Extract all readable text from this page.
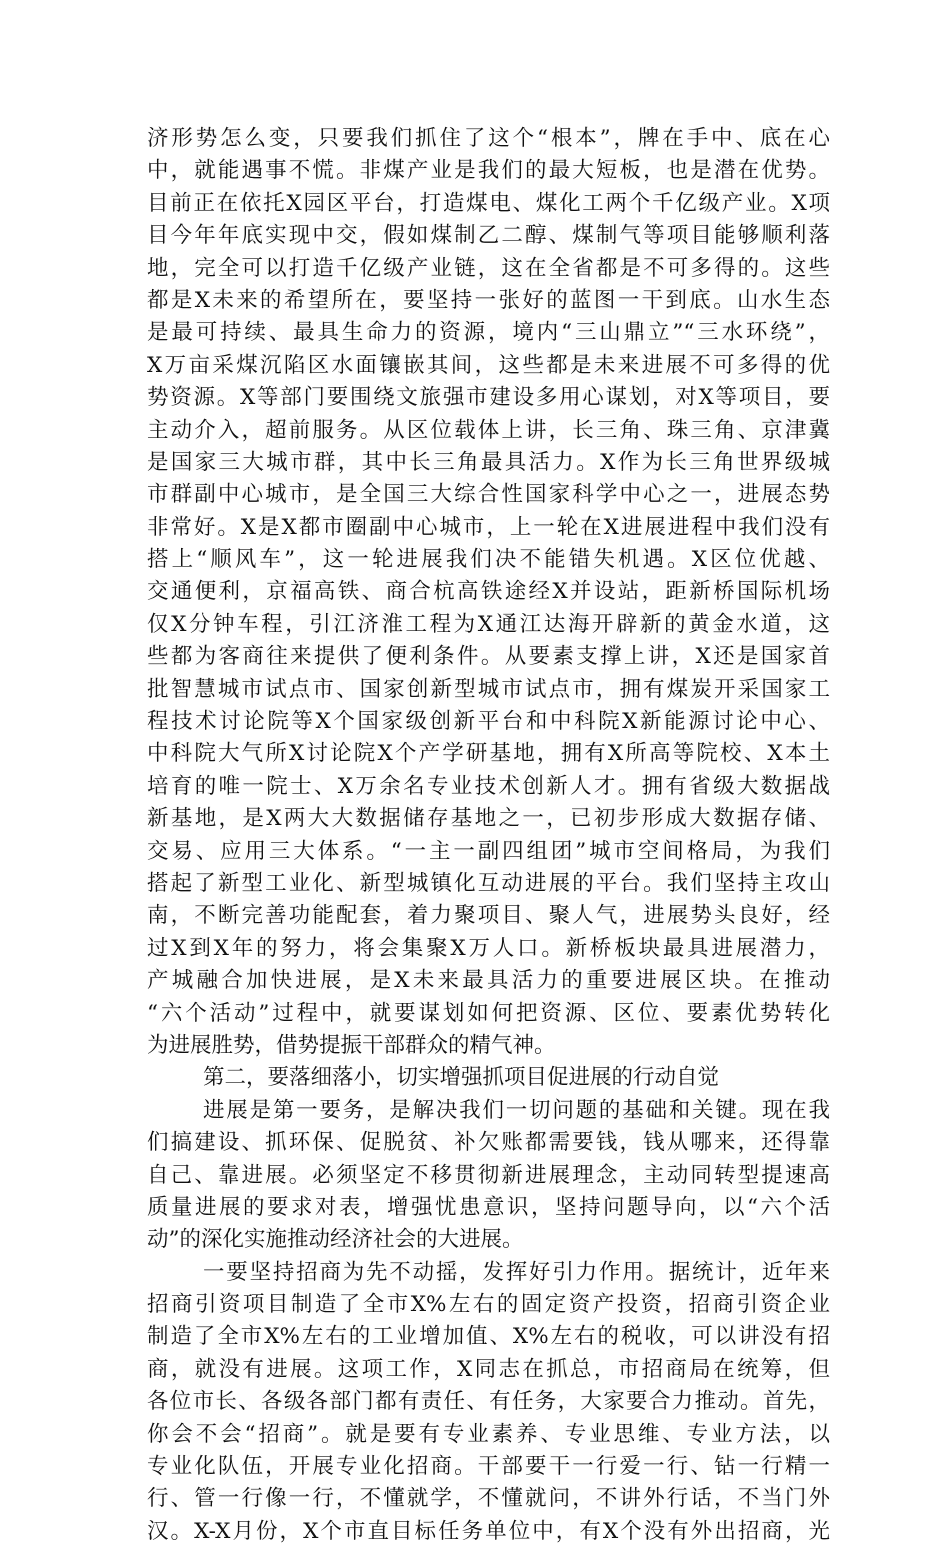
济形势怎么变，只要我们抓住了这个“根本”，牌在手中、底在心
中，就能遇事不慌。非煤产业是我们的最大短板，也是潜在优势。
目前正在依托X园区平台，打造煤电、煤化工两个千亿级产业。X项
目今年年底实现中交，假如煤制乙二醇、煤制气等项目能够顺利落
地，完全可以打造千亿级产业链，这在全省都是不可多得的。这些
都是X未来的希望所在，要坚持一张好的蓝图一干到底。山水生态
是最可持续、最具生命力的资源，境内“三山鼎立”“三水环绕”，
X万亩采煤沉陷区水面镶嵌其间，这些都是未来进展不可多得的优
势资源。X等部门要围绕文旅强市建设多用心谋划，对X等项目，要
主动介入，超前服务。从区位载体上讲，长三角、珠三角、京津冀
是国家三大城市群，其中长三角最具活力。X作为长三角世界级城
市群副中心城市，是全国三大综合性国家科学中心之一，进展态势
非常好。X是X都市圈副中心城市，上一轮在X进展进程中我们没有
搭上“顺风车”，这一轮进展我们决不能错失机遇。X区位优越、
交通便利，京福高铁、商合杭高铁途经X并设站，距新桥国际机场
仅X分钟车程，引江济淮工程为X通江达海开辟新的黄金水道，这
些都为客商往来提供了便利条件。从要素支撑上讲，X还是国家首
批智慧城市试点市、国家创新型城市试点市，拥有煤炭开采国家工
程技术讨论院等X个国家级创新平台和中科院X新能源讨论中心、
中科院大气所X讨论院X个产学研基地，拥有X所高等院校、X本土
培育的唯一院士、X万余名专业技术创新人才。拥有省级大数据战
新基地，是X两大大数据储存基地之一，已初步形成大数据存储、
交易、应用三大体系。“一主一副四组团”城市空间格局，为我们
搭起了新型工业化、新型城镇化互动进展的平台。我们坚持主攻山
南，不断完善功能配套，着力聚项目、聚人气，进展势头良好，经
过X到X年的努力，将会集聚X万人口。新桥板块最具进展潜力，
产城融合加快进展，是X未来最具活力的重要进展区块。在推动
“六个活动”过程中，就要谋划如何把资源、区位、要素优势转化
为进展胜势，借势提振干部群众的精气神。
第二，要落细落小，切实增强抓项目促进展的行动自觉
进展是第一要务，是解决我们一切问题的基础和关键。现在我
们搞建设、抓环保、促脱贫、补欠账都需要钱，钱从哪来，还得靠
自己、靠进展。必须坚定不移贯彻新进展理念，主动同转型提速高
质量进展的要求对表，增强忧患意识，坚持问题导向，以“六个活
动”的深化实施推动经济社会的大进展。
一要坚持招商为先不动摇，发挥好引力作用。据统计，近年来
招商引资项目制造了全市X%左右的固定资产投资，招商引资企业
制造了全市X%左右的工业增加值、X%左右的税收，可以讲没有招
商，就没有进展。这项工作，X同志在抓总，市招商局在统筹，但
各位市长、各级各部门都有责任、有任务，大家要合力推动。首先，
你会不会“招商”。就是要有专业素养、专业思维、专业方法，以
专业化队伍，开展专业化招商。干部要干一行爱一行、钻一行精一
行、管一行像一行，不懂就学，不懂就问，不讲外行话，不当门外
汉。X-X月份，X个市直目标任务单位中，有X个没有外出招商，光
